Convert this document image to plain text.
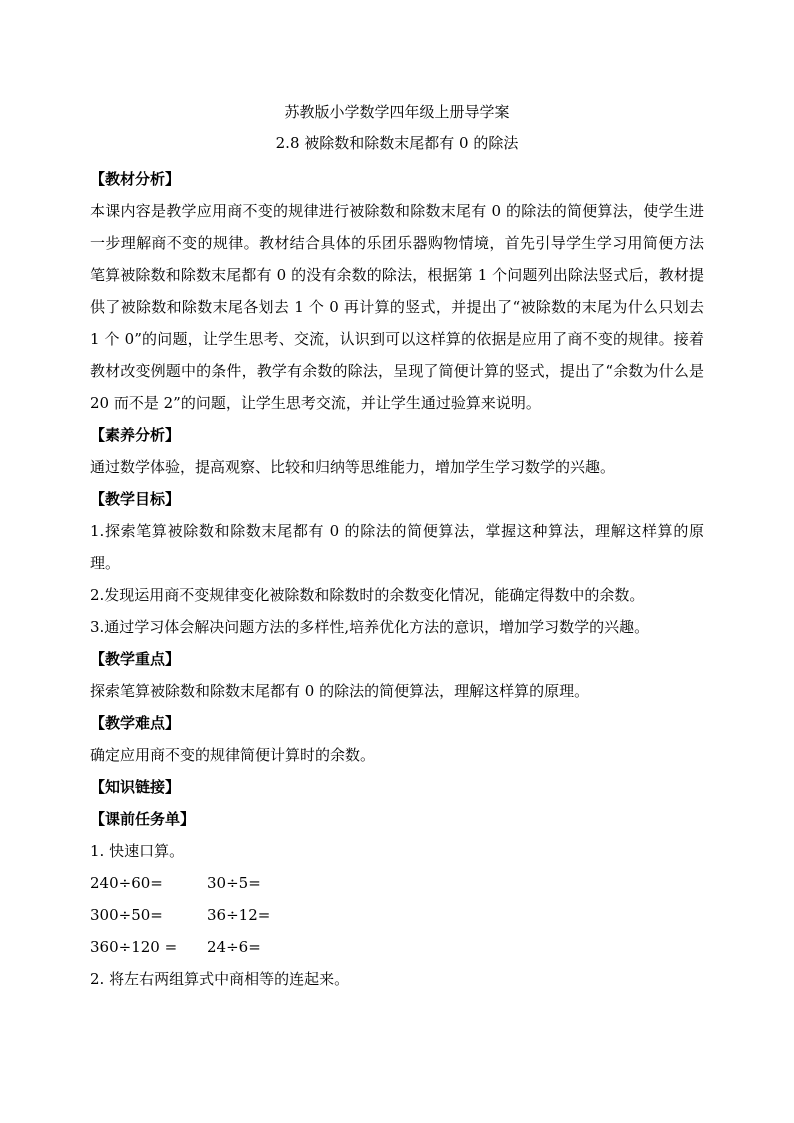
苏教版小学数学四年级上册导学案
2.8 被除数和除数末尾都有 0 的除法
【教材分析】
本课内容是教学应用商不变的规律进行被除数和除数末尾有 0 的除法的简便算法，使学生进一步理解商不变的规律。教材结合具体的乐团乐器购物情境，首先引导学生学习用简便方法笔算被除数和除数末尾都有 0 的没有余数的除法，根据第 1 个问题列出除法竖式后，教材提供了被除数和除数末尾各划去 1 个 0 再计算的竖式，并提出了“被除数的末尾为什么只划去 1 个 0”的问题，让学生思考、交流，认识到可以这样算的依据是应用了商不变的规律。接着教材改变例题中的条件，教学有余数的除法，呈现了简便计算的竖式，提出了“余数为什么是 20 而不是 2”的问题，让学生思考交流，并让学生通过验算来说明。
【素养分析】
通过数学体验，提高观察、比较和归纳等思维能力，增加学生学习数学的兴趣。
【教学目标】
1.探索笔算被除数和除数末尾都有 0 的除法的简便算法，掌握这种算法，理解这样算的原理。
2.发现运用商不变规律变化被除数和除数时的余数变化情况，能确定得数中的余数。
3.通过学习体会解决问题方法的多样性,培养优化方法的意识，增加学习数学的兴趣。
【教学重点】
探索笔算被除数和除数末尾都有 0 的除法的简便算法，理解这样算的原理。
【教学难点】
确定应用商不变的规律简便计算时的余数。
【知识链接】
【课前任务单】
1. 快速口算。
240÷60=	30÷5=
300÷50=	36÷12=
360÷120 =	24÷6=
2. 将左右两组算式中商相等的连起来。
